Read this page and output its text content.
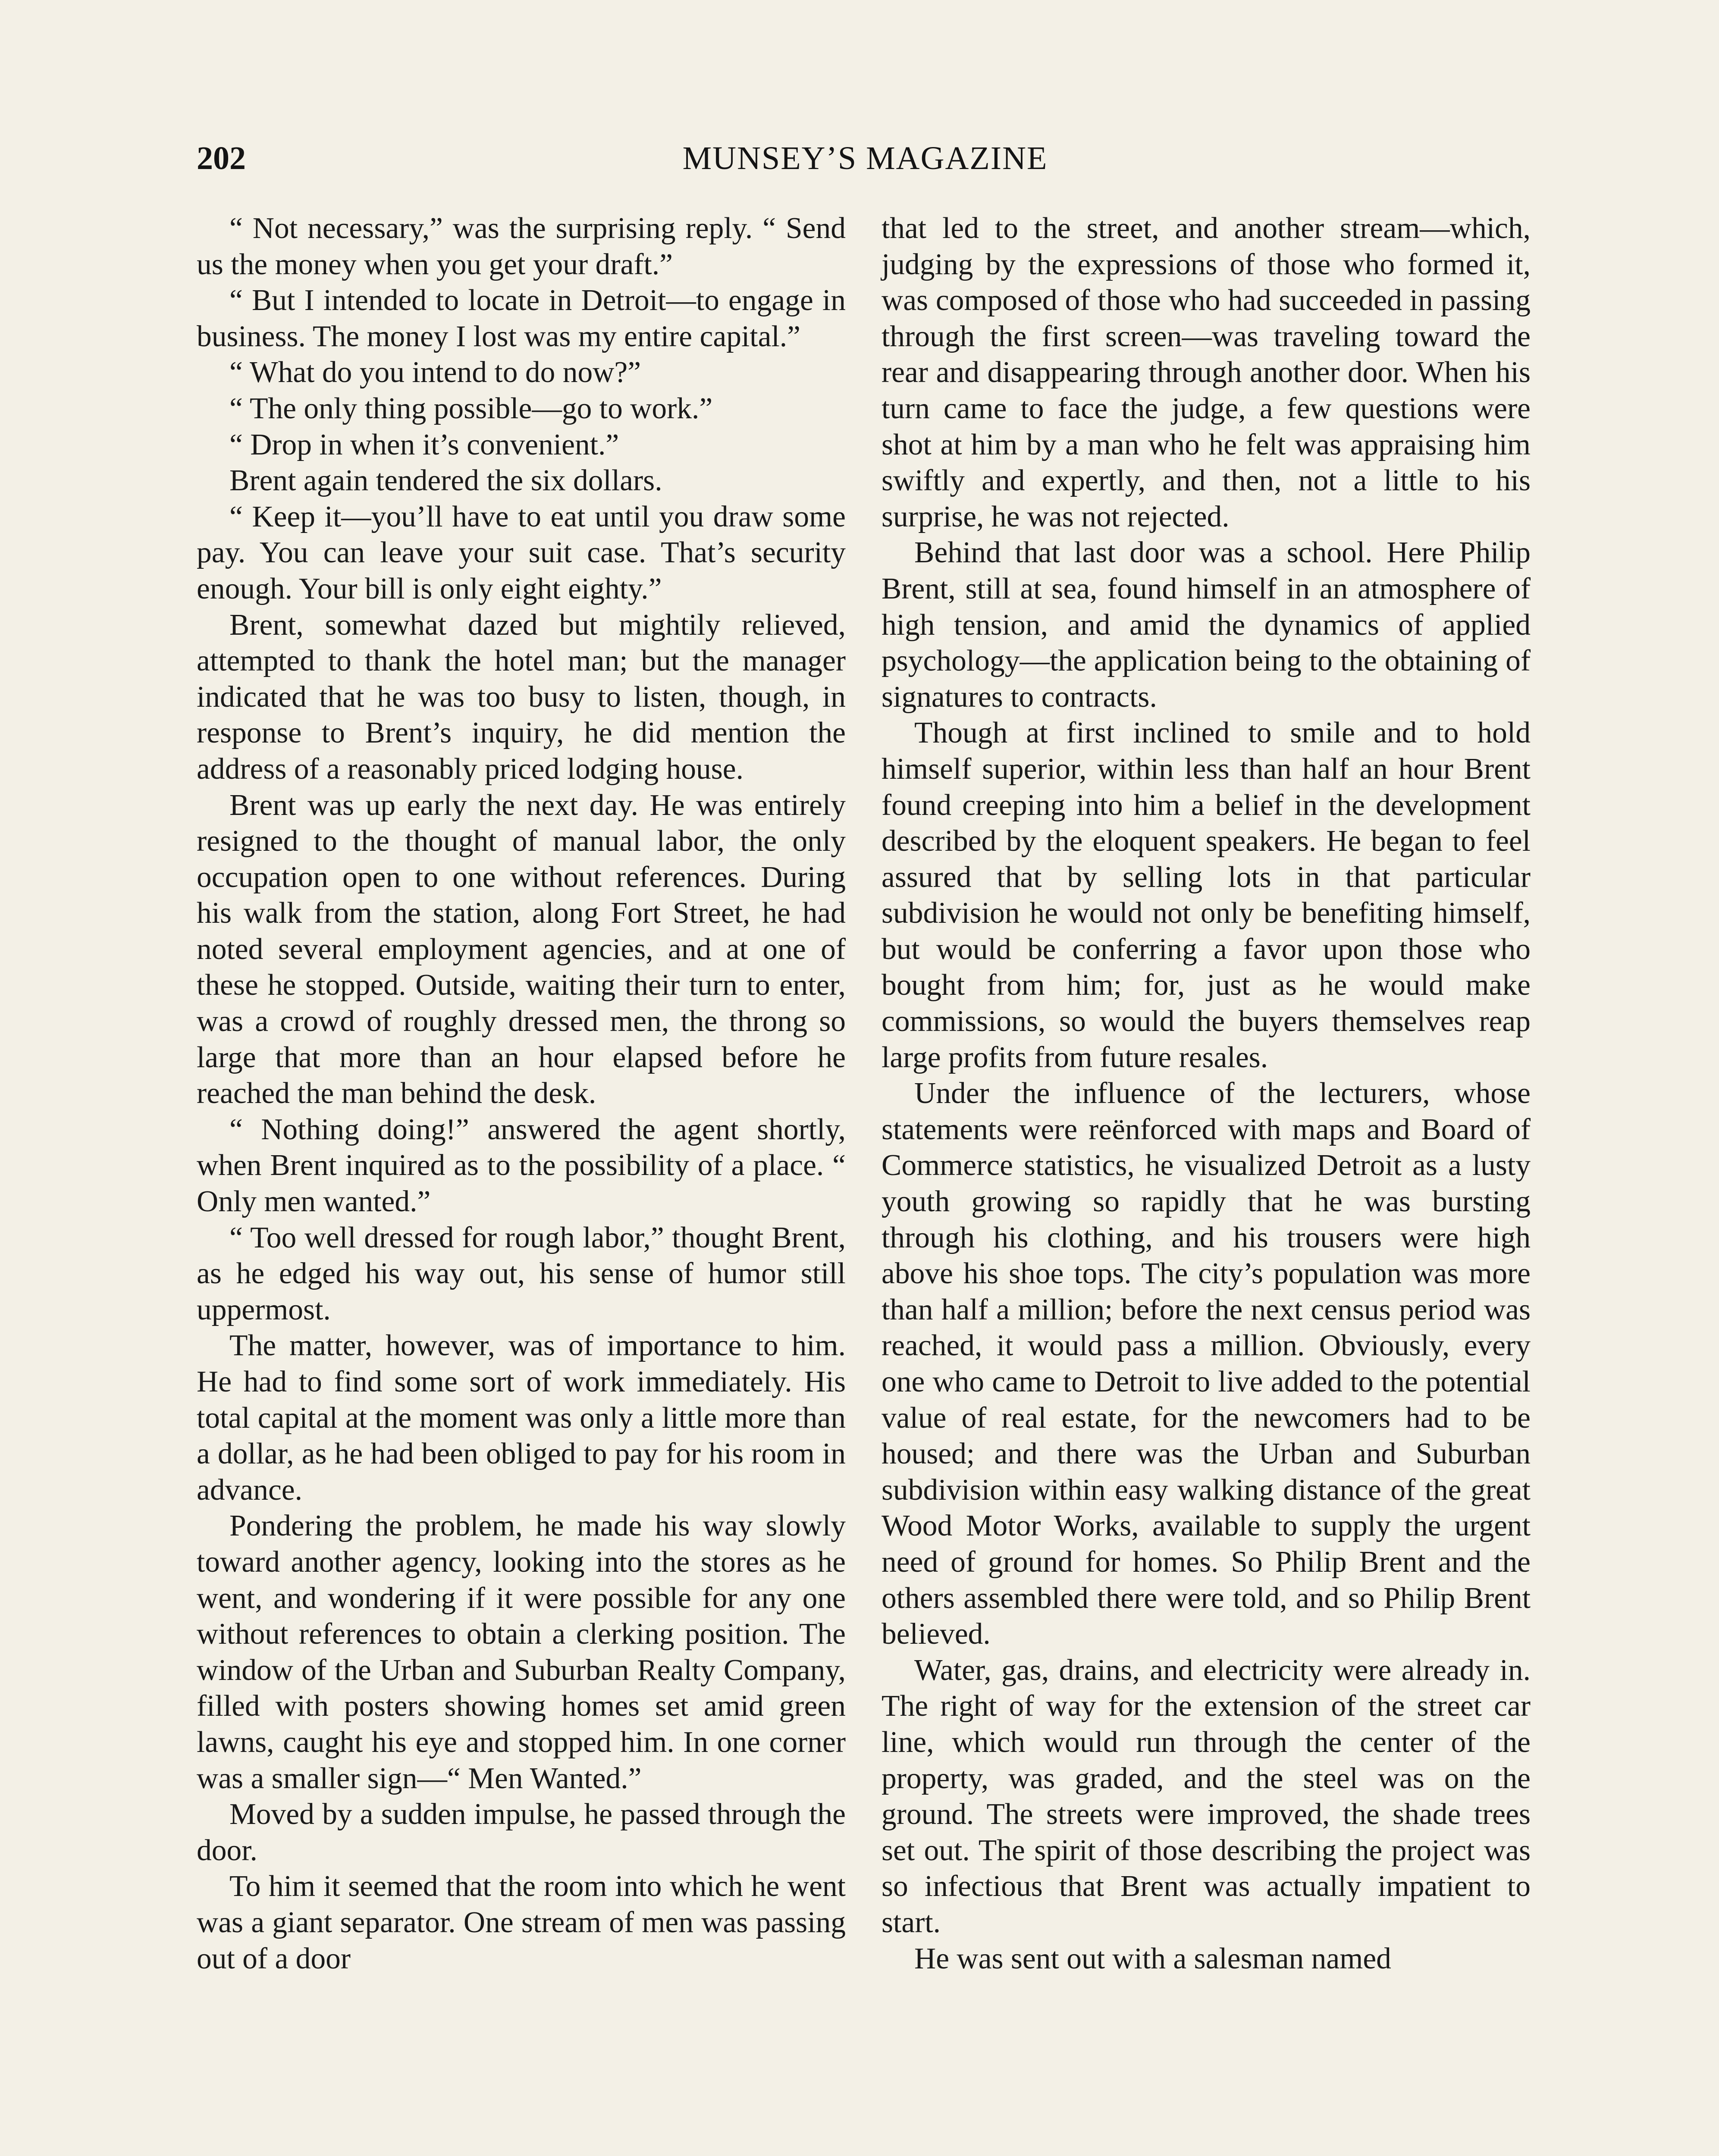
202	MUNSEY’S MAGAZINE

“ Not necessary,” was the surprising reply. “ Send us the money when you get your draft.”

“ But I intended to locate in Detroit—to engage in business. The money I lost was my entire capital.”

“ What do you intend to do now?”

“ The only thing possible—go to work.”

“ Drop in when it’s convenient.”

Brent again tendered the six dollars.

“ Keep it—you’ll have to eat until you draw some pay. You can leave your suit case. That’s security enough. Your bill is only eight eighty.”

Brent, somewhat dazed but mightily relieved, attempted to thank the hotel man; but the manager indicated that he was too busy to listen, though, in response to Brent’s inquiry, he did mention the address of a reasonably priced lodging house.

Brent was up early the next day. He was entirely resigned to the thought of manual labor, the only occupation open to one without references. During his walk from the station, along Fort Street, he had noted several employment agencies, and at one of these he stopped. Outside, waiting their turn to enter, was a crowd of roughly dressed men, the throng so large that more than an hour elapsed before he reached the man behind the desk.

“ Nothing doing!” answered the agent shortly, when Brent inquired as to the possibility of a place. “ Only men wanted.”

“ Too well dressed for rough labor,” thought Brent, as he edged his way out, his sense of humor still uppermost.

The matter, however, was of importance to him. He had to find some sort of work immediately. His total capital at the moment was only a little more than a dollar, as he had been obliged to pay for his room in advance.

Pondering the problem, he made his way slowly toward another agency, looking into the stores as he went, and wondering if it were possible for any one without references to obtain a clerking position. The window of the Urban and Suburban Realty Company, filled with posters showing homes set amid green lawns, caught his eye and stopped him. In one corner was a smaller sign—“ Men Wanted.”

Moved by a sudden impulse, he passed through the door.

To him it seemed that the room into which he went was a giant separator. One stream of men was passing out of a door

that led to the street, and another stream—which, judging by the expressions of those who formed it, was composed of those who had succeeded in passing through the first screen—was traveling toward the rear and disappearing through another door. When his turn came to face the judge, a few questions were shot at him by a man who he felt was appraising him swiftly and expertly, and then, not a little to his surprise, he was not rejected.

Behind that last door was a school. Here Philip Brent, still at sea, found himself in an atmosphere of high tension, and amid the dynamics of applied psychology—the application being to the obtaining of signatures to contracts.

Though at first inclined to smile and to hold himself superior, within less than half an hour Brent found creeping into him a belief in the development described by the eloquent speakers. He began to feel assured that by selling lots in that particular subdivision he would not only be benefiting himself, but would be conferring a favor upon those who bought from him; for, just as he would make commissions, so would the buyers themselves reap large profits from future resales.

Under the influence of the lecturers, whose statements were reënforced with maps and Board of Commerce statistics, he visualized Detroit as a lusty youth growing so rapidly that he was bursting through his clothing, and his trousers were high above his shoe tops. The city’s population was more than half a million; before the next census period was reached, it would pass a million. Obviously, every one who came to Detroit to live added to the potential value of real estate, for the newcomers had to be housed; and there was the Urban and Suburban subdivision within easy walking distance of the great Wood Motor Works, available to supply the urgent need of ground for homes. So Philip Brent and the others assembled there were told, and so Philip Brent believed.

Water, gas, drains, and electricity were already in. The right of way for the extension of the street car line, which would run through the center of the property, was graded, and the steel was on the ground. The streets were improved, the shade trees set out. The spirit of those describing the project was so infectious that Brent was actually impatient to start.

He was sent out with a salesman named
